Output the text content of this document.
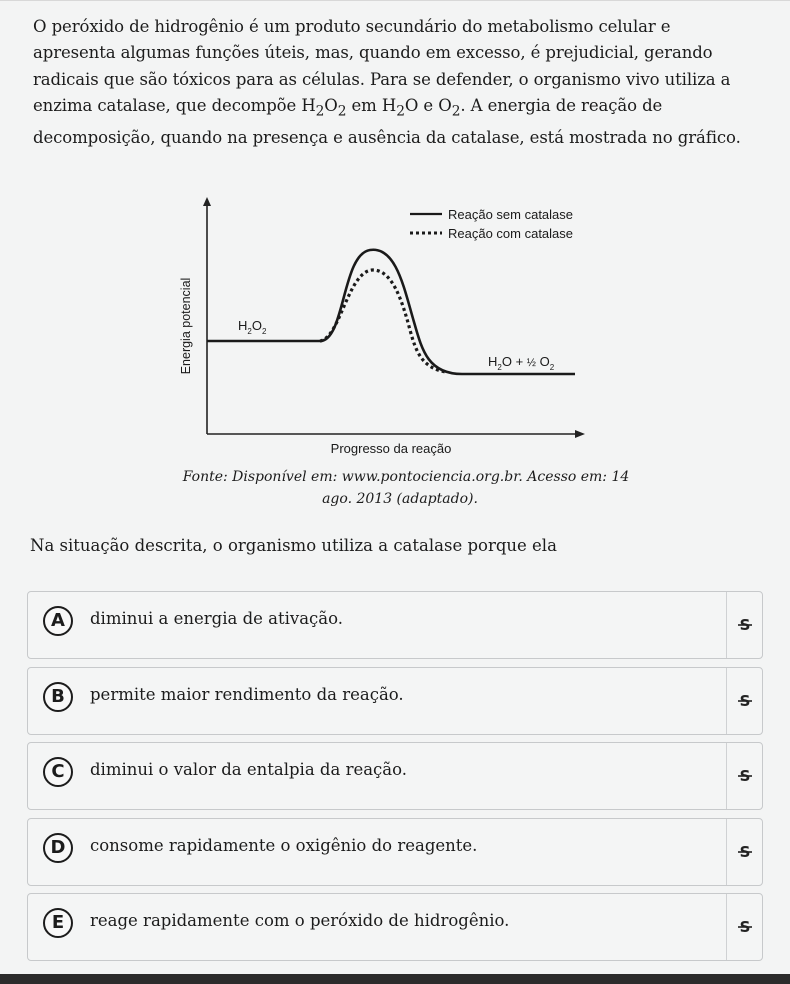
O peróxido de hidrogênio é um produto secundário do metabolismo celular e
apresenta algumas funções úteis, mas, quando em excesso, é prejudicial, gerando
radicais que são tóxicos para as células. Para se defender, o organismo vivo utiliza a
enzima catalase, que decompõe $H_2O_2$ em $H_2O$ e $O_2$. A energia de reação de
decomposição, quando na presença e ausência da catalase, está mostrada no gráfico.
Reação sem catalase
Reação com catalase
Energia potencial
Progresso da reação
$H_2O_2$
$H_2O$ + ½ $O_2$
Fonte: Disponível em: www.pontociencia.org.br. Acesso em: 14
ago. 2013 (adaptado).
Na situação descrita, o organismo utiliza a catalase porque ela
A	diminui a energia de ativação.	S
B	permite maior rendimento da reação.	S
C	diminui o valor da entalpia da reação.	S
D	consome rapidamente o oxigênio do reagente.	S
E	reage rapidamente com o peróxido de hidrogênio.	S
